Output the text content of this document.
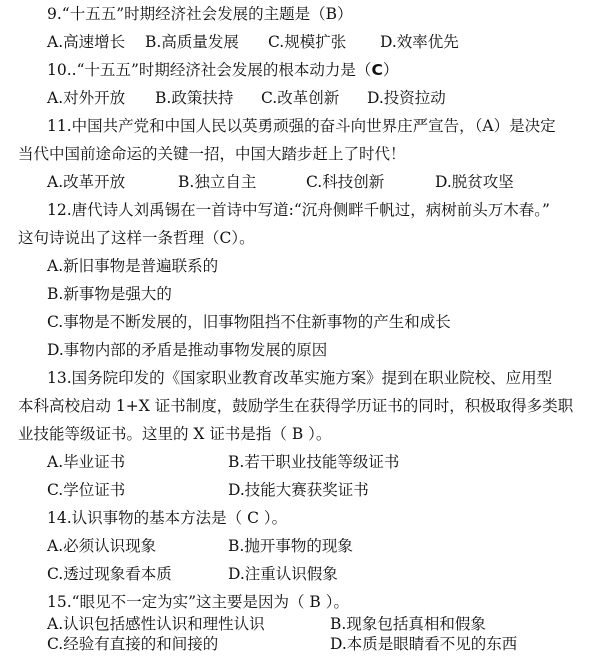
9.“十五五”时期经济社会发展的主题是（B）
A.高速增长 B.高质量发展 C.规模扩张 D.效率优先
10..“十五五”时期经济社会发展的根本动力是（C）
A.对外开放 B.政策扶持 C.改革创新 D.投资拉动
11.中国共产党和中国人民以英勇顽强的奋斗向世界庄严宣告，（A）是决定
当代中国前途命运的关键一招，中国大踏步赶上了时代！
A.改革开放	B.独立自主	C.科技创新	D.脱贫攻坚
12.唐代诗人刘禹锡在一首诗中写道:“沉舟侧畔千帆过，病树前头万木春。”
这句诗说出了这样一条哲理（C）。
A.新旧事物是普遍联系的
B.新事物是强大的
C.事物是不断发展的，旧事物阻挡不住新事物的产生和成长
D.事物内部的矛盾是推动事物发展的原因
13.国务院印发的《国家职业教育改革实施方案》提到在职业院校、应用型
本科高校启动 1+X 证书制度，鼓励学生在获得学历证书的同时，积极取得多类职
业技能等级证书。这里的 X 证书是指（ B ）。
A.毕业证书	B.若干职业技能等级证书
C.学位证书	D.技能大赛获奖证书
14.认识事物的基本方法是（ C ）。
A.必须认识现象	B.抛开事物的现象
C.透过现象看本质	D.注重认识假象
15.“眼见不一定为实”这主要是因为（ B ）。
A.认识包括感性认识和理性认识	B.现象包括真相和假象
C.经验有直接的和间接的	D.本质是眼睛看不见的东西
